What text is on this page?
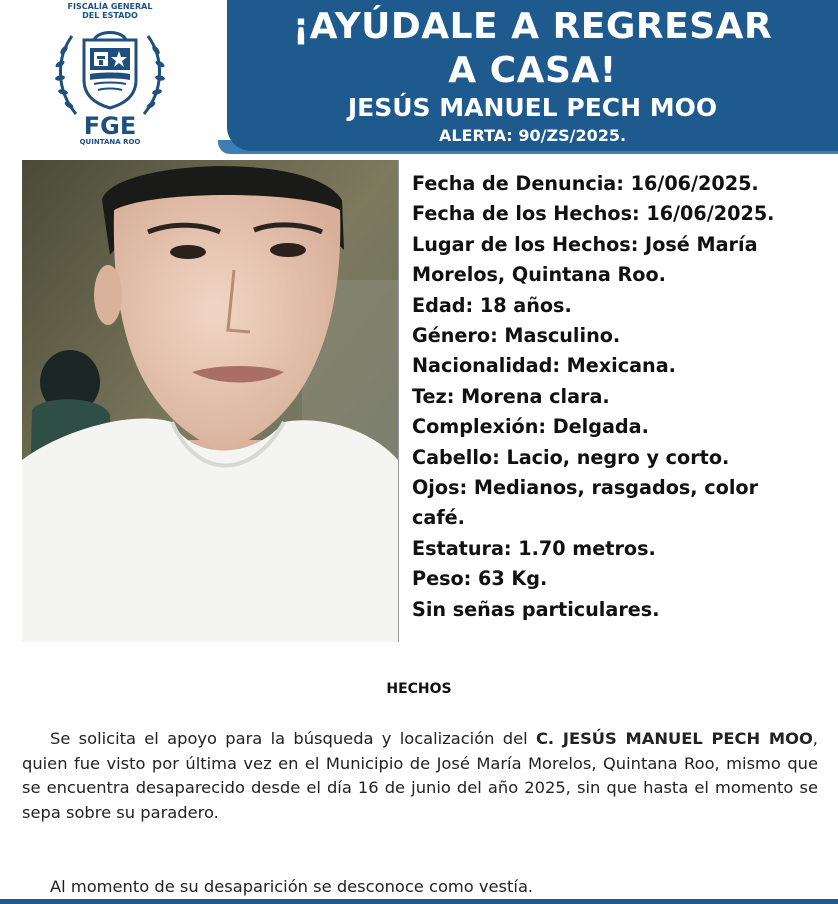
FISCALÍA GENERAL
DEL ESTADO
FGE
QUINTANA ROO
¡AYÚDALE A REGRESAR
A CASA!
JESÚS MANUEL PECH MOO
ALERTA: 90/ZS/2025.
Fecha de Denuncia: 16/06/2025.
Fecha de los Hechos: 16/06/2025.
Lugar de los Hechos: José María
Morelos, Quintana Roo.
Edad: 18 años.
Género: Masculino.
Nacionalidad: Mexicana.
Tez: Morena clara.
Complexión: Delgada.
Cabello: Lacio, negro y corto.
Ojos: Medianos, rasgados, color
café.
Estatura: 1.70 metros.
Peso: 63 Kg.
Sin señas particulares.
HECHOS

Se solicita el apoyo para la búsqueda y localización del C. JESÚS MANUEL PECH MOO, quien fue visto por última vez en el Municipio de José María Morelos, Quintana Roo, mismo que se encuentra desaparecido desde el día 16 de junio del año 2025, sin que hasta el momento se sepa sobre su paradero.

Al momento de su desaparición se desconoce como vestía.
